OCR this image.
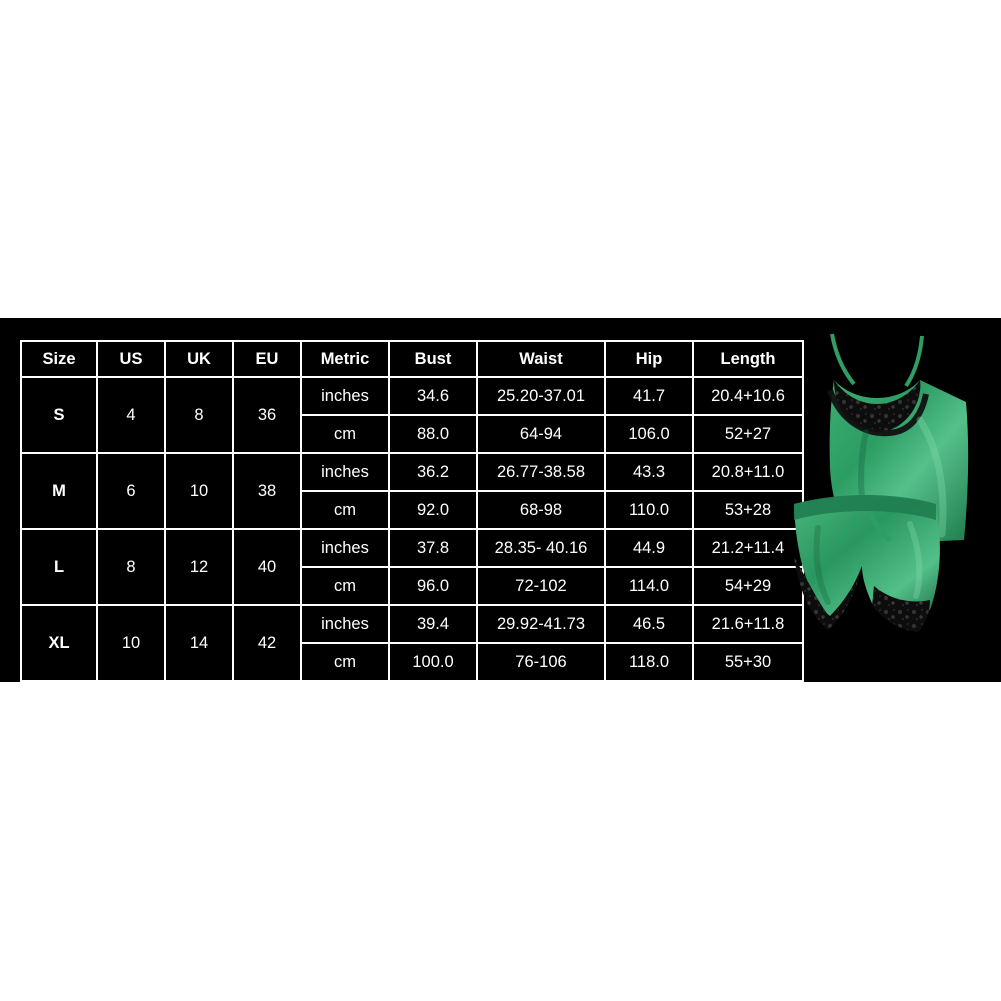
Size	US	UK	EU	Metric	Bust	Waist	Hip	Length
S	4	8	36	inches	34.6	25.20-37.01	41.7	20.4+10.6
				cm	88.0	64-94	106.0	52+27
M	6	10	38	inches	36.2	26.77-38.58	43.3	20.8+11.0
				cm	92.0	68-98	110.0	53+28
L	8	12	40	inches	37.8	28.35- 40.16	44.9	21.2+11.4
				cm	96.0	72-102	114.0	54+29
XL	10	14	42	inches	39.4	29.92-41.73	46.5	21.6+11.8
				cm	100.0	76-106	118.0	55+30
